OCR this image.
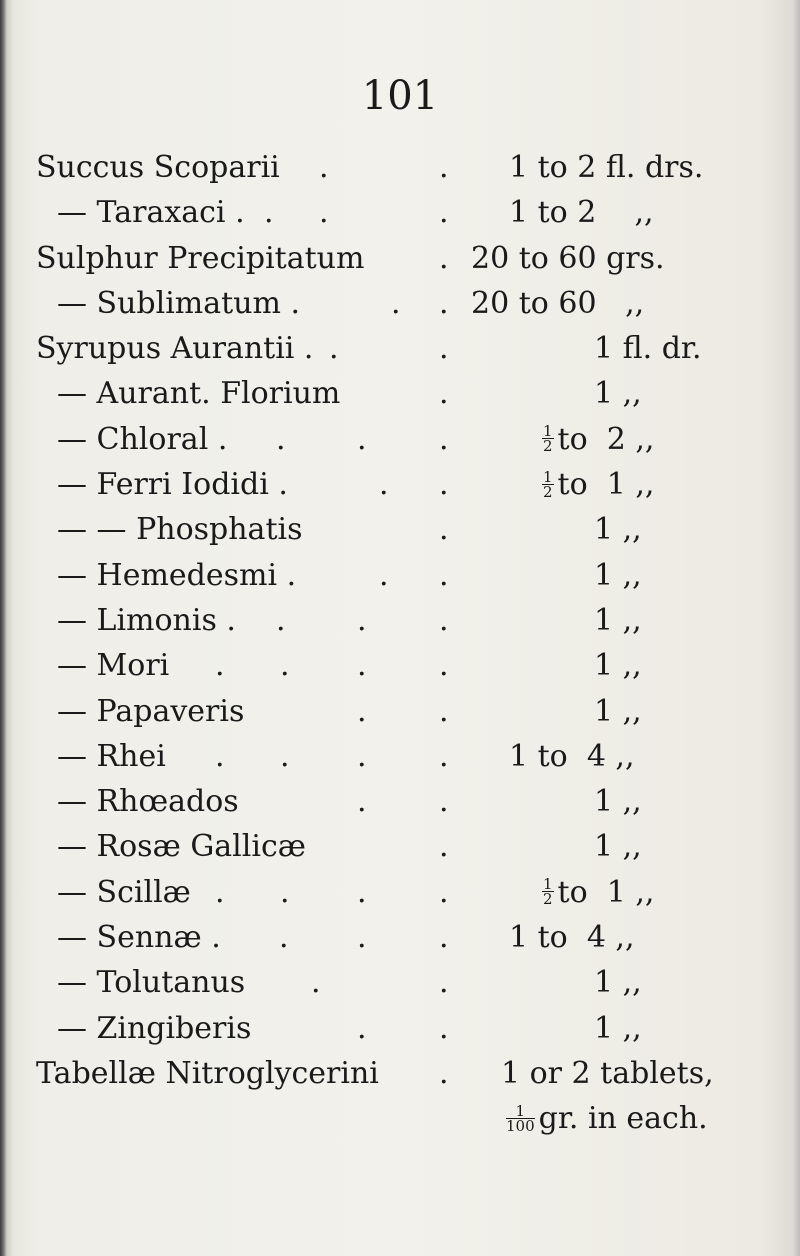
101
Succus Scoparii .	. 1 to 2 fl. drs.
— Taraxaci . . .	. 1 to 2    ,,
Sulphur Precipitatum . 20 to 60 grs.
— Sublimatum .	. . 20 to 60   ,,
Syrupus Aurantii . .	.	1 fl. dr.
— Aurant. Florium	.	1 ,,
— Chloral . . . .	$\frac{1}{2}$ to  2 ,,
— Ferri Iodidi .	. .	$\frac{1}{2}$ to  1 ,,
— — Phosphatis	.	1 ,,
— Hemedesmi .	. .	1 ,,
— Limonis . . . .	1 ,,
— Mori . . . .	1 ,,
— Papaveris	. .	1 ,,
— Rhei . . . . 1 to  4 ,,
— Rhœados	. .	1 ,,
— Rosæ Gallicæ	.	1 ,,
— Scillæ . . . .	$\frac{1}{2}$ to  1 ,,
— Sennæ . . . . 1 to  4 ,,
— Tolutanus .	.	1 ,,
— Zingiberis	. .	1 ,,
Tabellæ Nitroglycerini . 1 or 2 tablets,
$\frac{1}{100}$ gr. in each.
